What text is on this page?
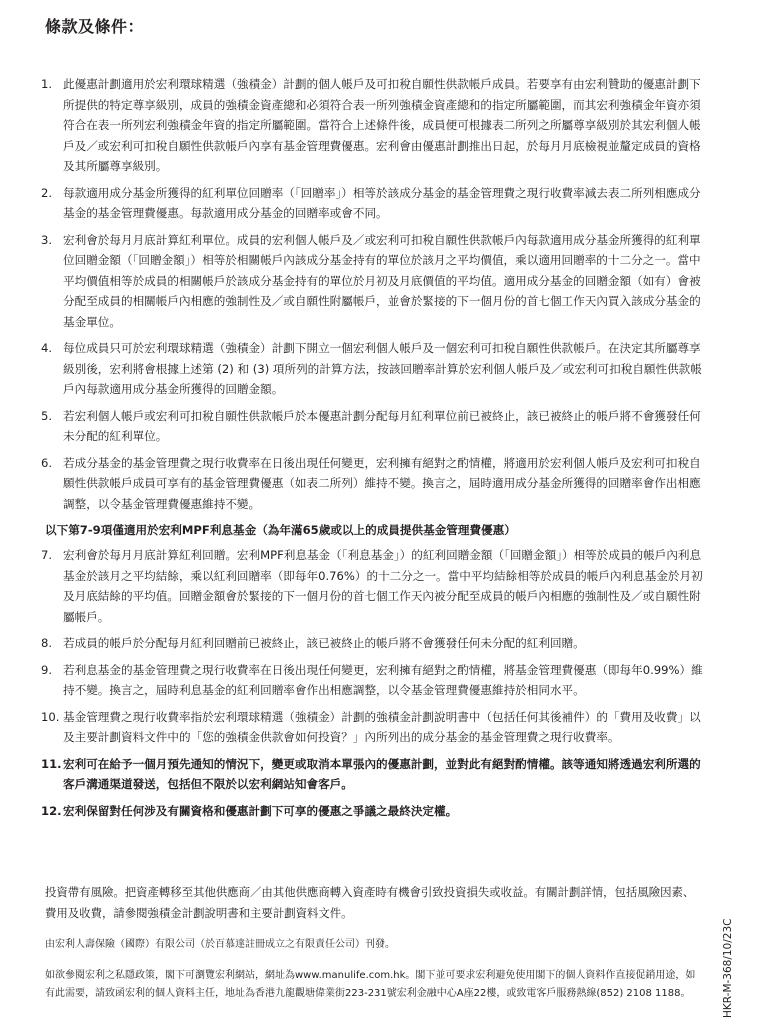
條款及條件：
1. 此優惠計劃適用於宏利環球精選（強積金）計劃的個人帳戶及可扣稅自願性供款帳戶成員。若要享有由宏利贊助的優惠計劃下所提供的特定尊享級別，成員的強積金資產總和必須符合表一所列強積金資產總和的指定所屬範圍，而其宏利強積金年資亦須符合在表一所列宏利強積金年資的指定所屬範圍。當符合上述條件後，成員便可根據表二所列之所屬尊享級別於其宏利個人帳戶及／或宏利可扣稅自願性供款帳戶內享有基金管理費優惠。宏利會由優惠計劃推出日起，於每月月底檢視並釐定成員的資格及其所屬尊享級別。
2. 每款適用成分基金所獲得的紅利單位回贈率（「回贈率」）相等於該成分基金的基金管理費之現行收費率減去表二所列相應成分基金的基金管理費優惠。每款適用成分基金的回贈率或會不同。
3. 宏利會於每月月底計算紅利單位。成員的宏利個人帳戶及／或宏利可扣稅自願性供款帳戶內每款適用成分基金所獲得的紅利單位回贈金額（「回贈金額」）相等於相關帳戶內該成分基金持有的單位於該月之平均價值，乘以適用回贈率的十二分之一。當中平均價值相等於成員的相關帳戶於該成分基金持有的單位於月初及月底價值的平均值。適用成分基金的回贈金額（如有）會被分配至成員的相關帳戶內相應的強制性及／或自願性附屬帳戶，並會於緊接的下一個月份的首七個工作天內買入該成分基金的基金單位。
4. 每位成員只可於宏利環球精選（強積金）計劃下開立一個宏利個人帳戶及一個宏利可扣稅自願性供款帳戶。在決定其所屬尊享級別後，宏利將會根據上述第 (2) 和 (3) 項所列的計算方法，按該回贈率計算於宏利個人帳戶及／或宏利可扣稅自願性供款帳戶內每款適用成分基金所獲得的回贈金額。
5. 若宏利個人帳戶或宏利可扣稅自願性供款帳戶於本優惠計劃分配每月紅利單位前已被終止，該已被終止的帳戶將不會獲發任何未分配的紅利單位。
6. 若成分基金的基金管理費之現行收費率在日後出現任何變更，宏利擁有絕對之酌情權，將適用於宏利個人帳戶及宏利可扣稅自願性供款帳戶成員可享有的基金管理費優惠（如表二所列）維持不變。換言之，屆時適用成分基金所獲得的回贈率會作出相應調整，以令基金管理費優惠維持不變。
以下第7-9項僅適用於宏利MPF利息基金（為年滿65歲或以上的成員提供基金管理費優惠）
7. 宏利會於每月月底計算紅利回贈。宏利MPF利息基金（「利息基金」）的紅利回贈金額（「回贈金額」）相等於成員的帳戶內利息基金於該月之平均結餘，乘以紅利回贈率（即每年0.76%）的十二分之一。當中平均結餘相等於成員的帳戶內利息基金於月初及月底結餘的平均值。回贈金額會於緊接的下一個月份的首七個工作天內被分配至成員的帳戶內相應的強制性及／或自願性附屬帳戶。
8. 若成員的帳戶於分配每月紅利回贈前已被終止，該已被終止的帳戶將不會獲發任何未分配的紅利回贈。
9. 若利息基金的基金管理費之現行收費率在日後出現任何變更，宏利擁有絕對之酌情權，將基金管理費優惠（即每年0.99%）維持不變。換言之，屆時利息基金的紅利回贈率會作出相應調整，以令基金管理費優惠維持於相同水平。
10. 基金管理費之現行收費率指於宏利環球精選（強積金）計劃的強積金計劃說明書中（包括任何其後補件）的「費用及收費」以及主要計劃資料文件中的「您的強積金供款會如何投資？」內所列出的成分基金的基金管理費之現行收費率。
11. 宏利可在給予一個月預先通知的情況下，變更或取消本單張內的優惠計劃，並對此有絕對酌情權。該等通知將透過宏利所選的客戶溝通渠道發送，包括但不限於以宏利網站知會客戶。
12. 宏利保留對任何涉及有關資格和優惠計劃下可享的優惠之爭議之最終決定權。
投資帶有風險。把資產轉移至其他供應商／由其他供應商轉入資產時有機會引致投資損失或收益。有關計劃詳情，包括風險因素、費用及收費，請參閱強積金計劃說明書和主要計劃資料文件。
由宏利人壽保險（國際）有限公司（於百慕達註冊成立之有限責任公司）刊發。
如欲參閱宏利之私隱政策，閣下可瀏覽宏利網站，網址為www.manulife.com.hk。閣下並可要求宏利避免使用閣下的個人資料作直接促銷用途，如有此需要，請致函宏利的個人資料主任，地址為香港九龍觀塘偉業街223-231號宏利金融中心A座22樓，或致電客戶服務熱線(852) 2108 1188。	HKR-M-368/10/23C
